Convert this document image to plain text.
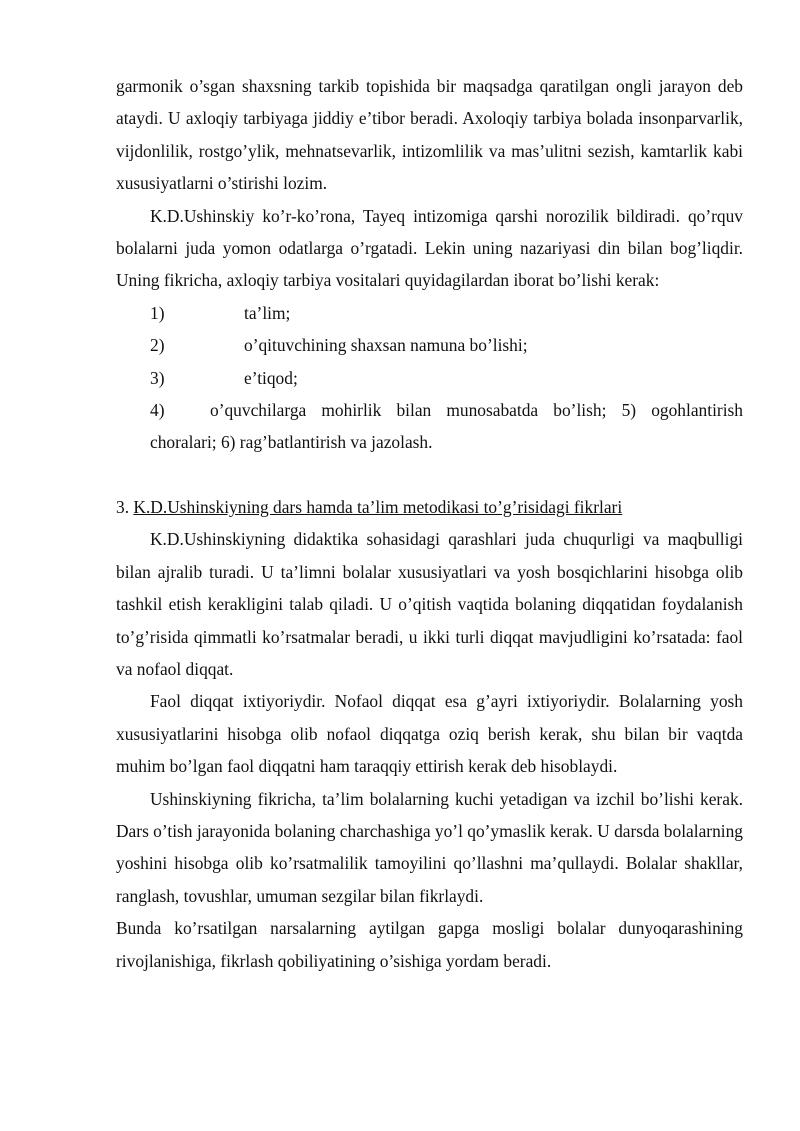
garmonik o’sgan shaxsning tarkib topishida bir maqsadga qaratilgan ongli jarayon deb ataydi. U axloqiy tarbiyaga jiddiy e’tibor beradi. Axoloqiy tarbiya bolada insonparvarlik, vijdonlilik, rostgo’ylik, mehnatsevarlik, intizomlilik va mas’ulitni sezish, kamtarlik kabi xususiyatlarni o’stirishi lozim.

K.D.Ushinskiy ko’r-ko’rona, Tayeq intizomiga qarshi norozilik bildiradi. qo’rquv bolalarni juda yomon odatlarga o’rgatadi. Lekin uning nazariyasi din bilan bog’liqdir. Uning fikricha, axloqiy tarbiya vositalari quyidagilardan iborat bo’lishi kerak:

1)	ta’lim;
2)	o’qituvchining shaxsan namuna bo’lishi;
3)	e’tiqod;
4)	o’quvchilarga mohirlik bilan munosabatda bo’lish; 5) ogohlantirish choralari; 6) rag’batlantirish va jazolash.

3. K.D.Ushinskiyning dars hamda ta’lim metodikasi to’g’risidagi fikrlari

K.D.Ushinskiyning didaktika sohasidagi qarashlari juda chuqurligi va maqbulligi bilan ajralib turadi. U ta’limni bolalar xususiyatlari va yosh bosqichlarini hisobga olib tashkil etish kerakligini talab qiladi. U o’qitish vaqtida bolaning diqqatidan foydalanish to’g’risida qimmatli ko’rsatmalar beradi, u ikki turli diqqat mavjudligini ko’rsatada: faol va nofaol diqqat.

Faol diqqat ixtiyoriydir. Nofaol diqqat esa g’ayri ixtiyoriydir. Bolalarning yosh xususiyatlarini hisobga olib nofaol diqqatga oziq berish kerak, shu bilan bir vaqtda muhim bo’lgan faol diqqatni ham taraqqiy ettirish kerak deb hisoblaydi.

Ushinskiyning fikricha, ta’lim bolalarning kuchi yetadigan va izchil bo’lishi kerak. Dars o’tish jarayonida bolaning charchashiga yo’l qo’ymaslik kerak. U darsda bolalarning yoshini hisobga olib ko’rsatmalilik tamoyilini qo’llashni ma’qullaydi. Bolalar shakllar, ranglash, tovushlar, umuman sezgilar bilan fikrlaydi.

Bunda ko’rsatilgan narsalarning aytilgan gapga mosligi bolalar dunyoqarashining rivojlanishiga, fikrlash qobiliyatining o’sishiga yordam beradi.
